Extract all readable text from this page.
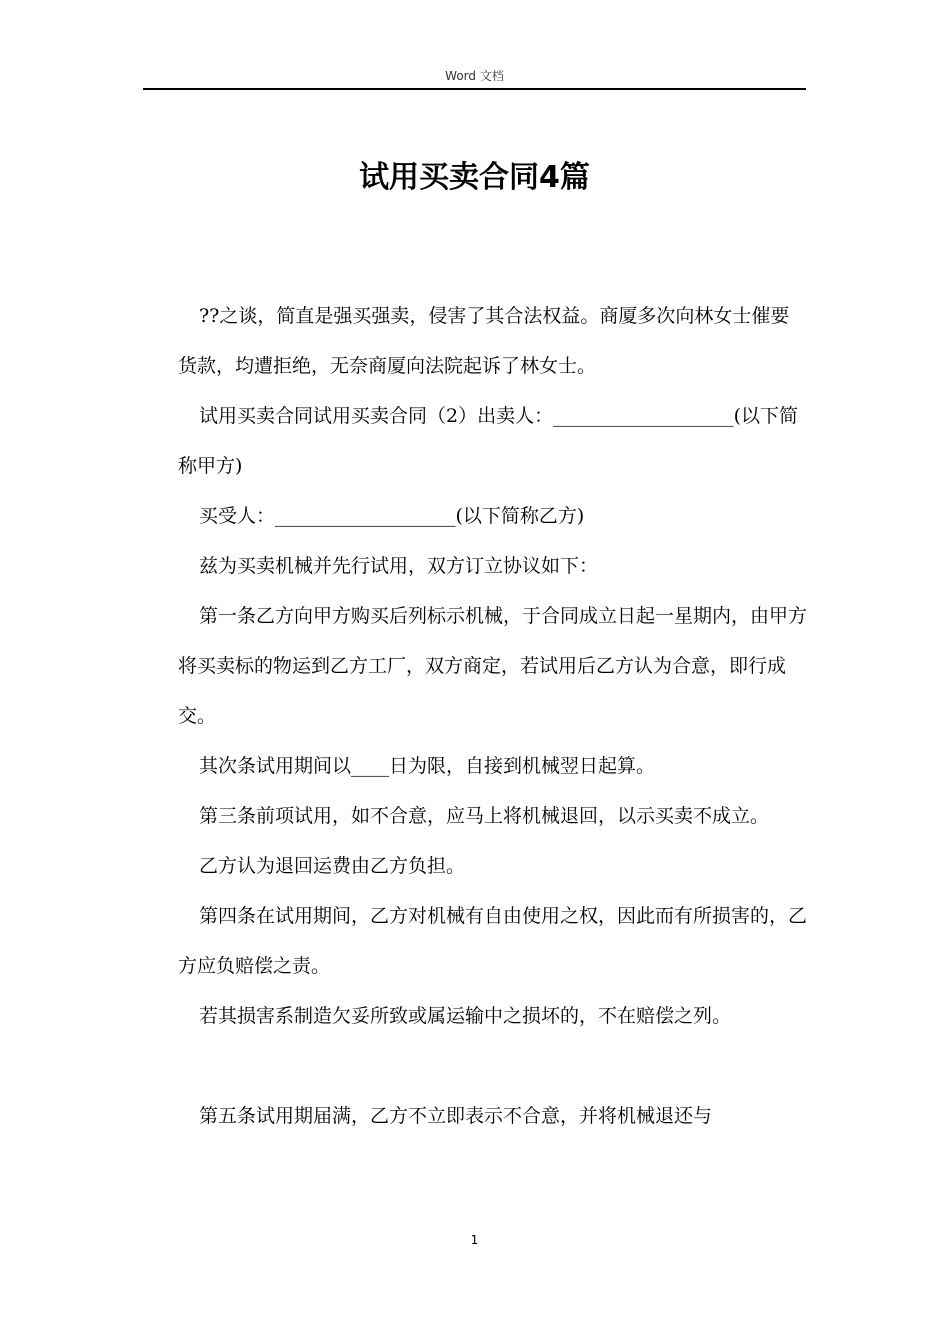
Word 文档
试用买卖合同4篇

??之谈，简直是强买强卖，侵害了其合法权益。商厦多次向林女士催要货款，均遭拒绝，无奈商厦向法院起诉了林女士。

试用买卖合同试用买卖合同（2）出卖人：___________________(以下简称甲方)

买受人：___________________(以下简称乙方)

兹为买卖机械并先行试用，双方订立协议如下：

第一条乙方向甲方购买后列标示机械，于合同成立日起一星期内，由甲方将买卖标的物运到乙方工厂，双方商定，若试用后乙方认为合意，即行成交。

其次条试用期间以____日为限，自接到机械翌日起算。

第三条前项试用，如不合意，应马上将机械退回，以示买卖不成立。

乙方认为退回运费由乙方负担。

第四条在试用期间，乙方对机械有自由使用之权，因此而有所损害的，乙方应负赔偿之责。

若其损害系制造欠妥所致或属运输中之损坏的，不在赔偿之列。

第五条试用期届满，乙方不立即表示不合意，并将机械退还与

1
